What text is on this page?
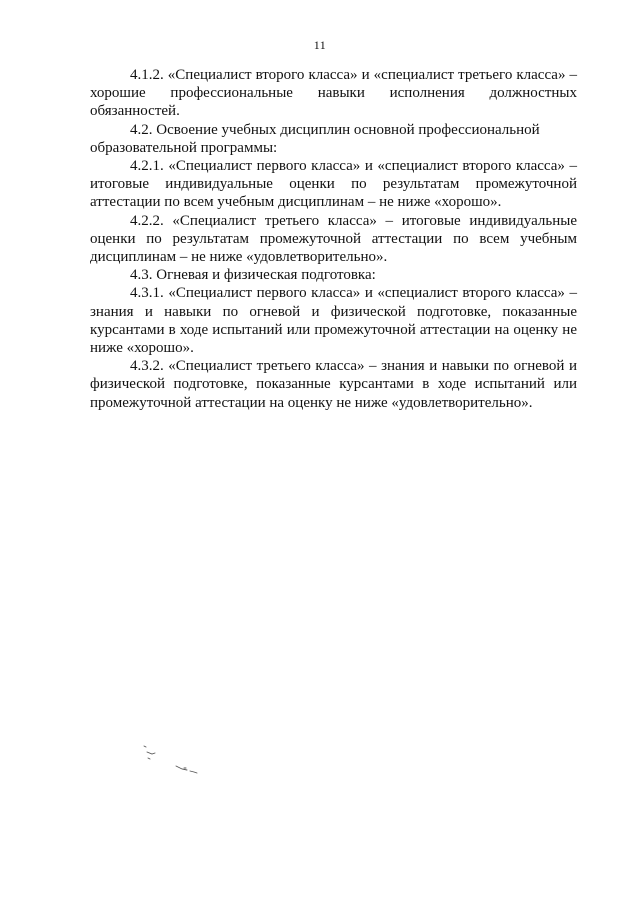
11

4.1.2. «Специалист второго класса» и «специалист третьего класса» – хорошие профессиональные навыки исполнения должностных обязанностей.

4.2. Освоение учебных дисциплин основной профессиональной образовательной программы:

4.2.1. «Специалист первого класса» и «специалист второго класса» – итоговые индивидуальные оценки по результатам промежуточной аттестации по всем учебным дисциплинам – не ниже «хорошо».

4.2.2. «Специалист третьего класса» – итоговые индивидуальные оценки по результатам промежуточной аттестации по всем учебным дисциплинам – не ниже «удовлетворительно».

4.3. Огневая и физическая подготовка:

4.3.1. «Специалист первого класса» и «специалист второго класса» – знания и навыки по огневой и физической подготовке, показанные курсантами в ходе испытаний или промежуточной аттестации на оценку не ниже «хорошо».

4.3.2. «Специалист третьего класса» – знания и навыки по огневой и физической подготовке, показанные курсантами в ходе испытаний или промежуточной аттестации на оценку не ниже «удовлетворительно».
